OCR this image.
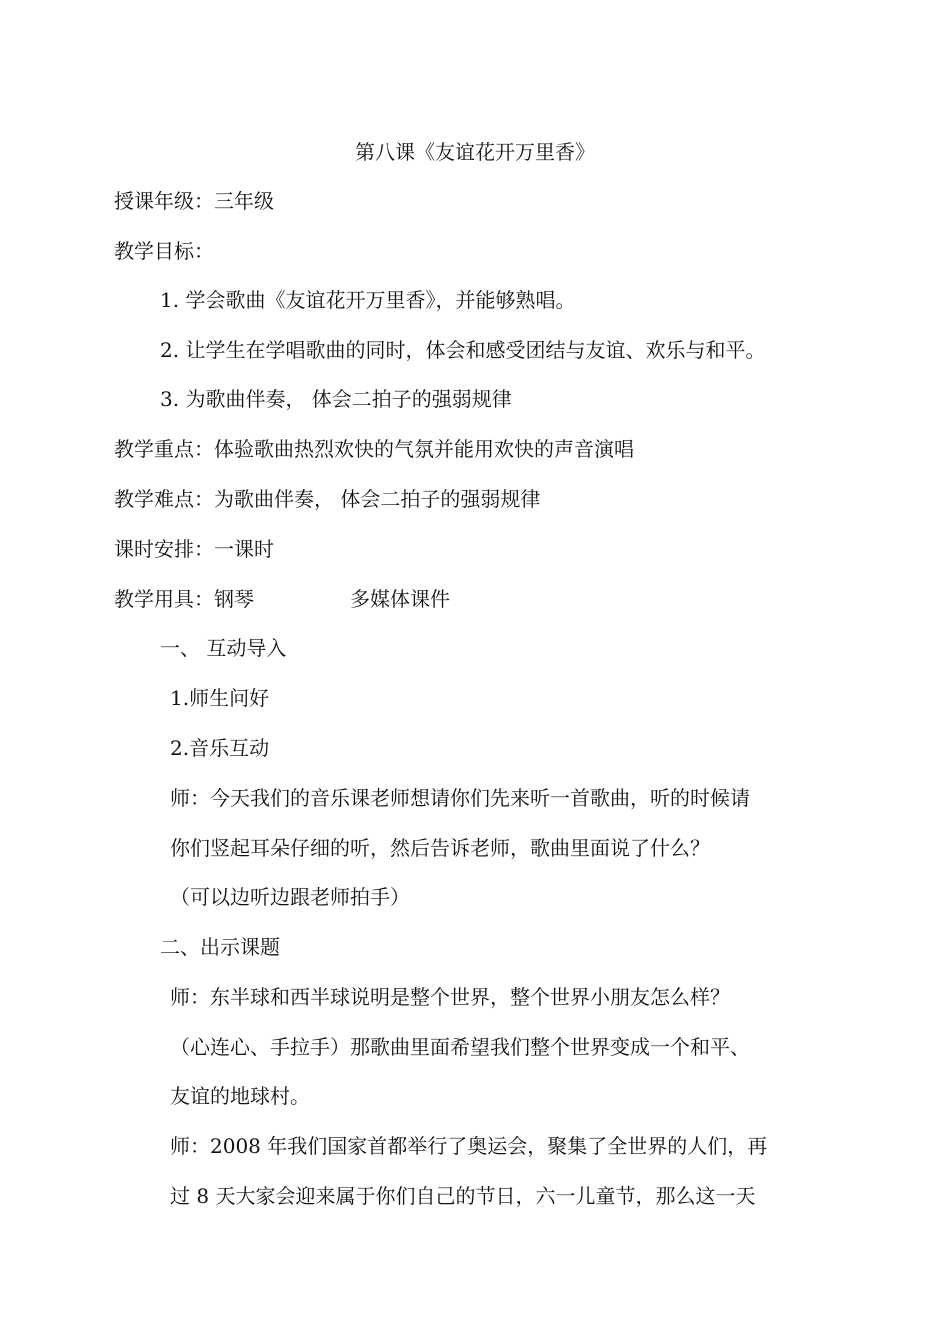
第八课《友谊花开万里香》
授课年级：三年级
教学目标：
1. 学会歌曲《友谊花开万里香》，并能够熟唱。
2. 让学生在学唱歌曲的同时，体会和感受团结与友谊、欢乐与和平。
3. 为歌曲伴奏， 体会二拍子的强弱规律
教学重点：体验歌曲热烈欢快的气氛并能用欢快的声音演唱
教学难点：为歌曲伴奏， 体会二拍子的强弱规律
课时安排：一课时
教学用具：钢琴	多媒体课件
一、 互动导入
1.师生问好
2.音乐互动
师：今天我们的音乐课老师想请你们先来听一首歌曲，听的时候请
你们竖起耳朵仔细的听，然后告诉老师，歌曲里面说了什么？
（可以边听边跟老师拍手）
二、出示课题
师：东半球和西半球说明是整个世界，整个世界小朋友怎么样？
（心连心、手拉手）那歌曲里面希望我们整个世界变成一个和平、
友谊的地球村。
师：2008 年我们国家首都举行了奥运会，聚集了全世界的人们，再
过 8 天大家会迎来属于你们自己的节日，六一儿童节，那么这一天
